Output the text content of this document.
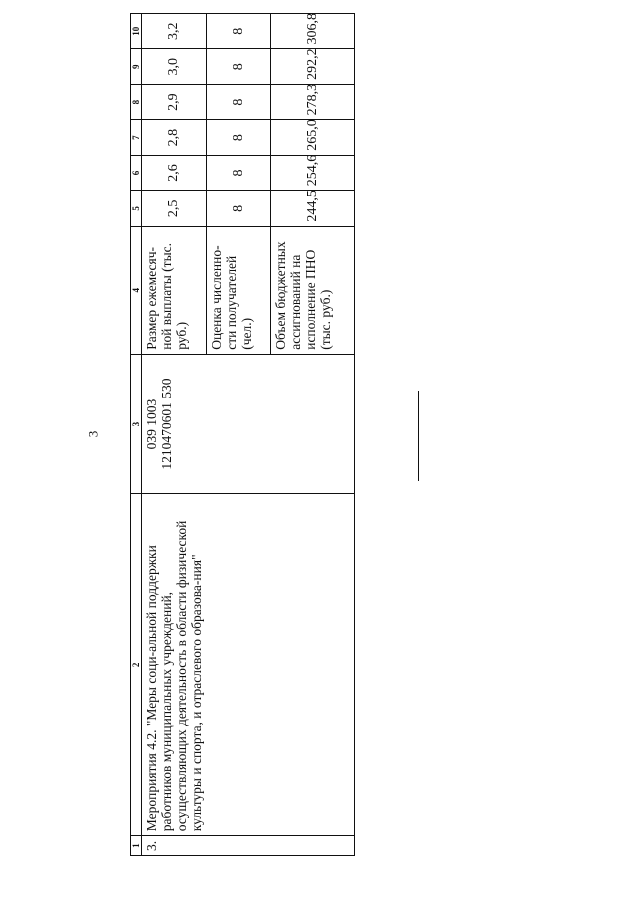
3
1	2	3	4	5	6	7	8	9	10
3.	Мероприятия 4.2. "Меры соци-альной поддержки работников муниципальных учреждений, осуществляющих деятельность в области физической культуры и спорта, и отраслевого образова-ния"	039 1003 1210470601 530	Размер ежемесяч-ной выплаты (тыс. руб.)	2,5	2,6	2,8	2,9	3,0	3,2
			Оценка численно-сти получателей (чел.)	8	8	8	8	8	8
			Объем бюджетных ассигнований на исполнение ПНО (тыс. руб.)	244,5	254,6	265,0	278,3	292,2	306,8
